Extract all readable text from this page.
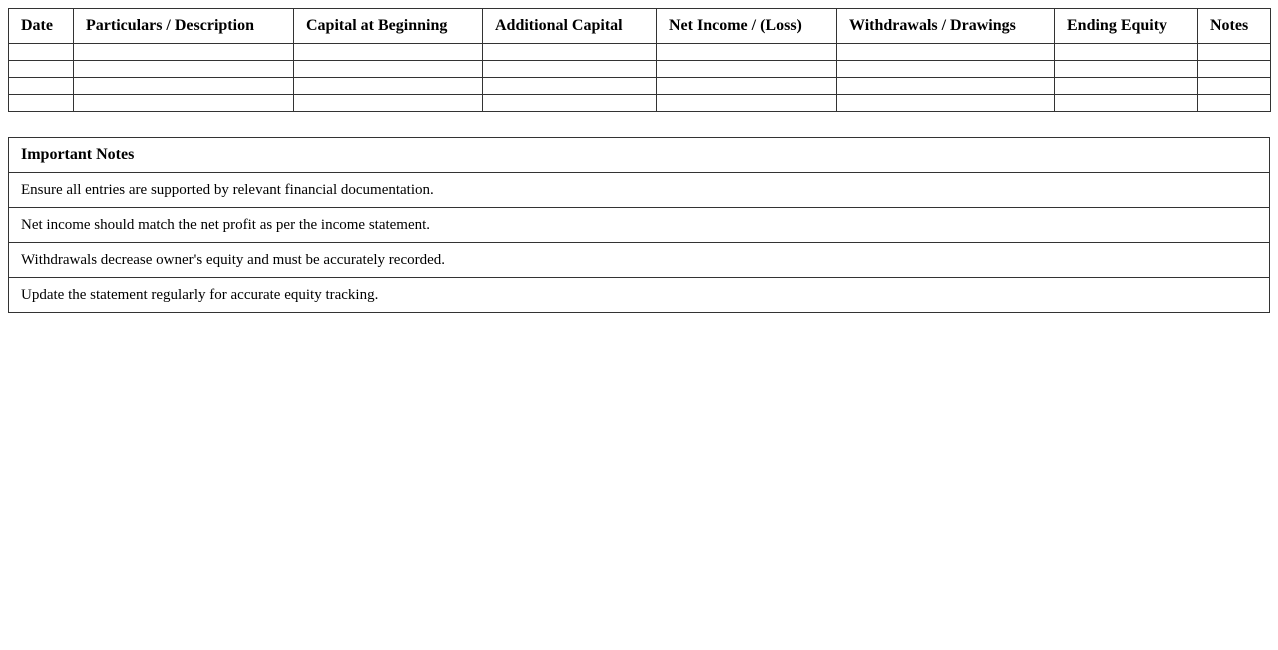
Date	Particulars / Description	Capital at Beginning	Additional Capital	Net Income / (Loss)	Withdrawals / Drawings	Ending Equity	Notes

Important Notes
Ensure all entries are supported by relevant financial documentation.
Net income should match the net profit as per the income statement.
Withdrawals decrease owner's equity and must be accurately recorded.
Update the statement regularly for accurate equity tracking.
